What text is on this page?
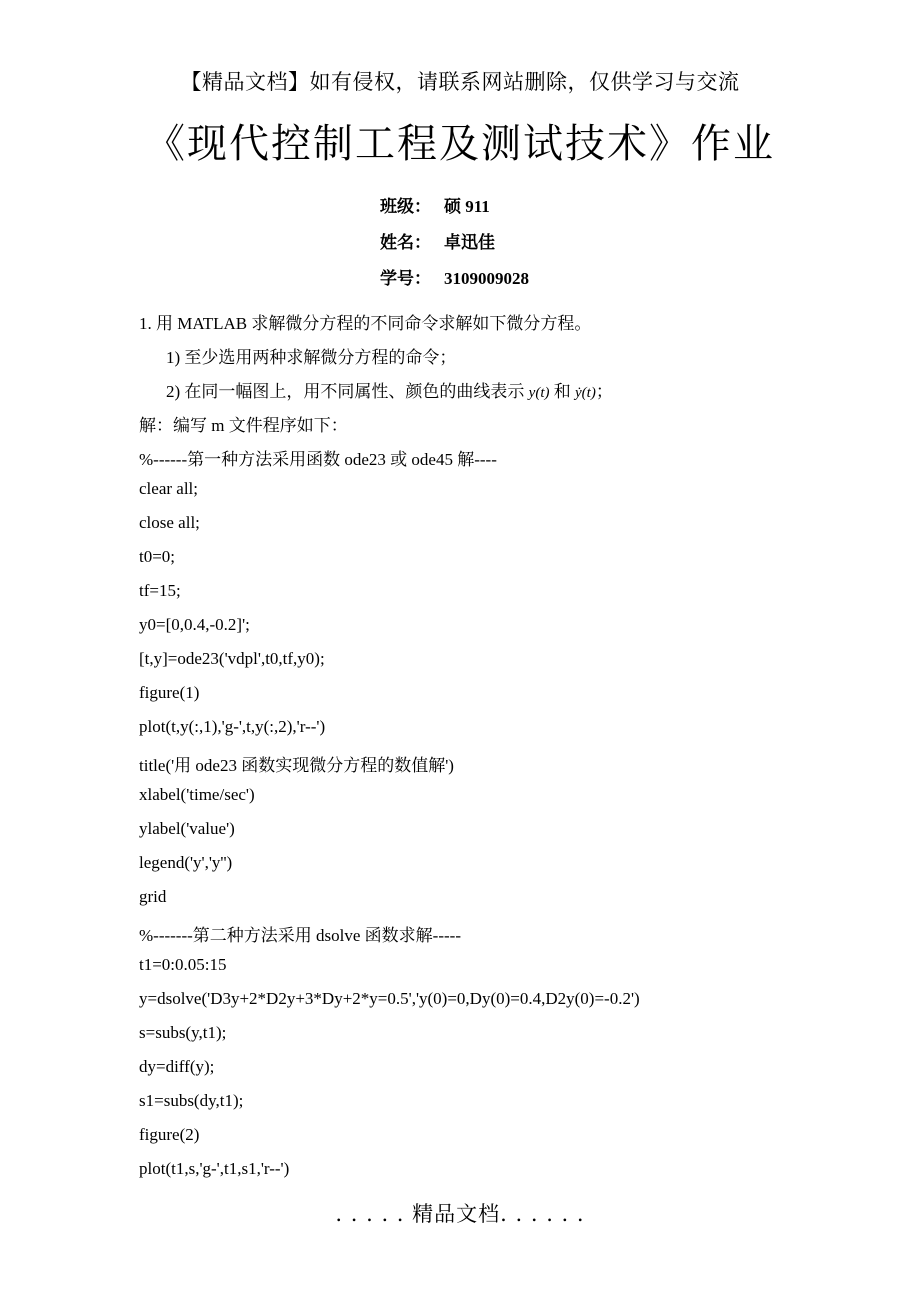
【精品文档】如有侵权，请联系网站删除，仅供学习与交流
《现代控制工程及测试技术》作业
班级： 硕 911
姓名： 卓迅佳
学号： 3109009028
1. 用 MATLAB 求解微分方程的不同命令求解如下微分方程。
1) 至少选用两种求解微分方程的命令；
2) 在同一幅图上，用不同属性、颜色的曲线表示 y(t) 和 ẏ(t)；
解：编写 m 文件程序如下：
%------第一种方法采用函数 ode23 或 ode45 解----
clear all;
close all;
t0=0;
tf=15;
y0=[0,0.4,-0.2]';
[t,y]=ode23('vdpl',t0,tf,y0);
figure(1)
plot(t,y(:,1),'g-',t,y(:,2),'r--')
title('用 ode23 函数实现微分方程的数值解')
xlabel('time/sec')
ylabel('value')
legend('y','y'')
grid
%-------第二种方法采用 dsolve 函数求解-----
t1=0:0.05:15
y=dsolve('D3y+2*D2y+3*Dy+2*y=0.5','y(0)=0,Dy(0)=0.4,D2y(0)=-0.2')
s=subs(y,t1);
dy=diff(y);
s1=subs(dy,t1);
figure(2)
plot(t1,s,'g-',t1,s1,'r--')
. . . . . 精品文档. . . . . .
